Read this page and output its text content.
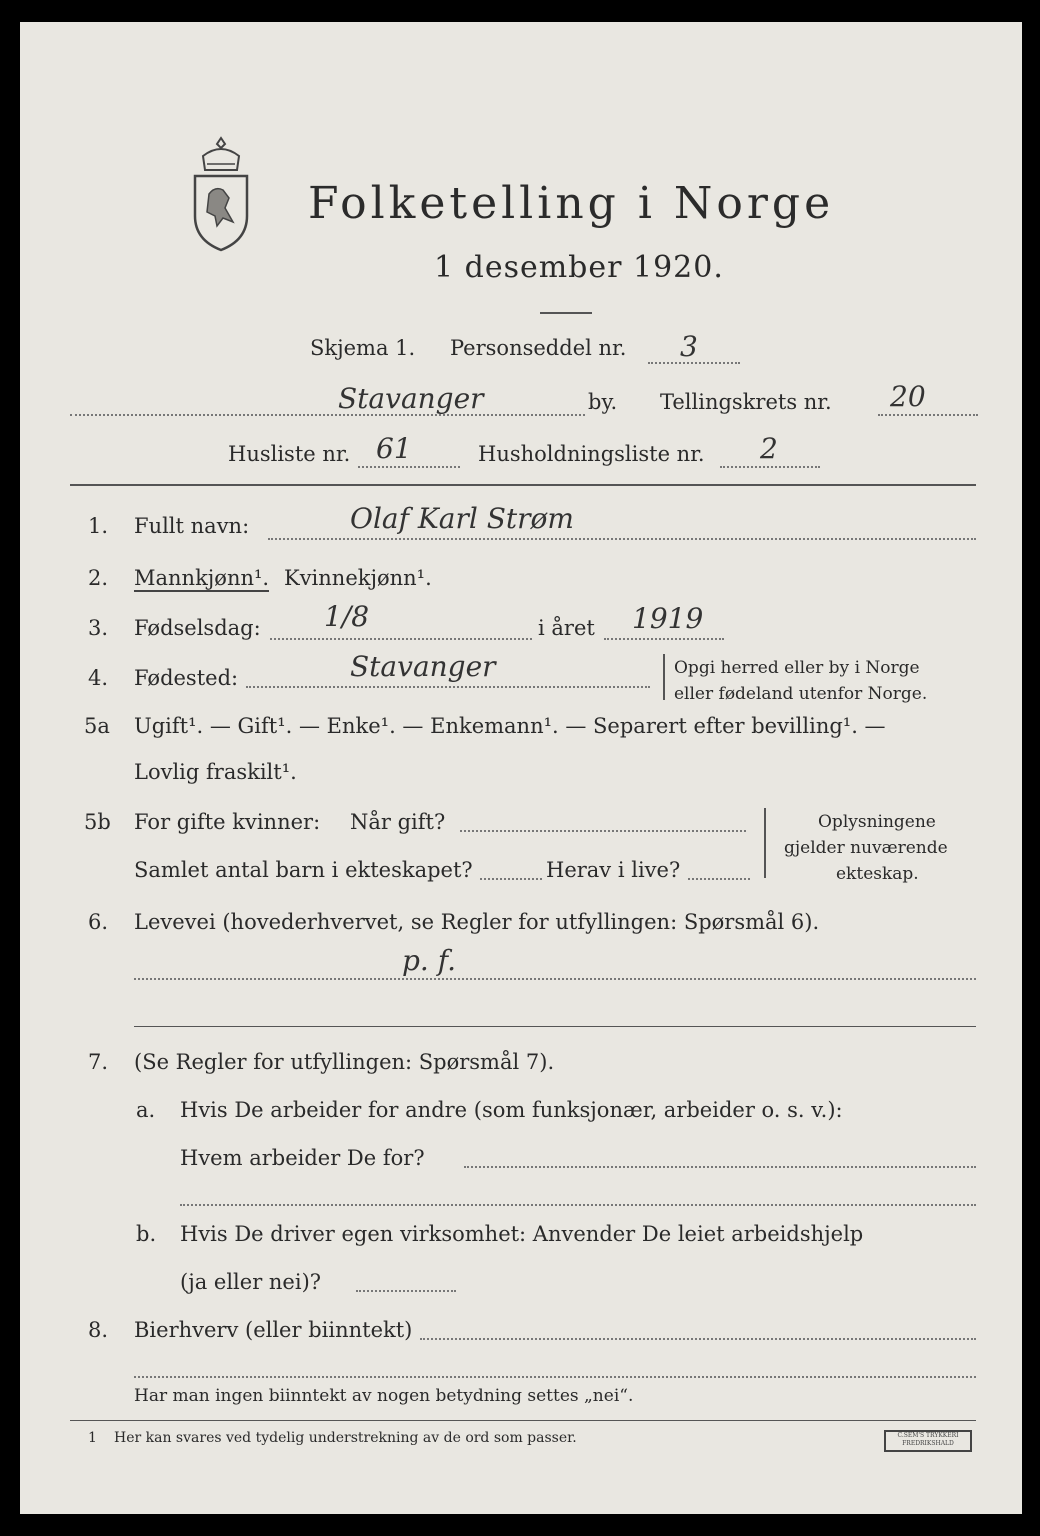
Folketelling i Norge
1 desember 1920.
Skjema 1. Personseddel nr. 3
Stavanger	by. Tellingskrets nr. 20
Husliste nr. 61	Husholdningsliste nr. 2
1. Fullt navn:	Olaf Karl Strøm
2. Mannkjønn¹. Kvinnekjønn¹.
3. Fødselsdag: 1/8	i året 1919
4. Fødested:	Stavanger	Opgi herred eller by i Norge
eller fødeland utenfor Norge.
5a Ugift¹. — Gift¹. — Enke¹. — Enkemann¹. — Separert efter bevilling¹. —
Lovlig fraskilt¹.
5b For gifte kvinner: Når gift?
Samlet antal barn i ekteskapet?	Herav i live?
Oplysningene
gjelder nuværende
ekteskap.
6. Levevei (hovederhvervet, se Regler for utfyllingen: Spørsmål 6).
p. f.
7. (Se Regler for utfyllingen: Spørsmål 7).
a. Hvis De arbeider for andre (som funksjonær, arbeider o. s. v.):
Hvem arbeider De for?
b. Hvis De driver egen virksomhet: Anvender De leiet arbeidshjelp
(ja eller nei)?
8. Bierhverv (eller biinntekt)
Har man ingen biinntekt av nogen betydning settes „nei“.
1 Her kan svares ved tydelig understrekning av de ord som passer.	C.SEM'S TRYKKERI FREDRIKSHALD
